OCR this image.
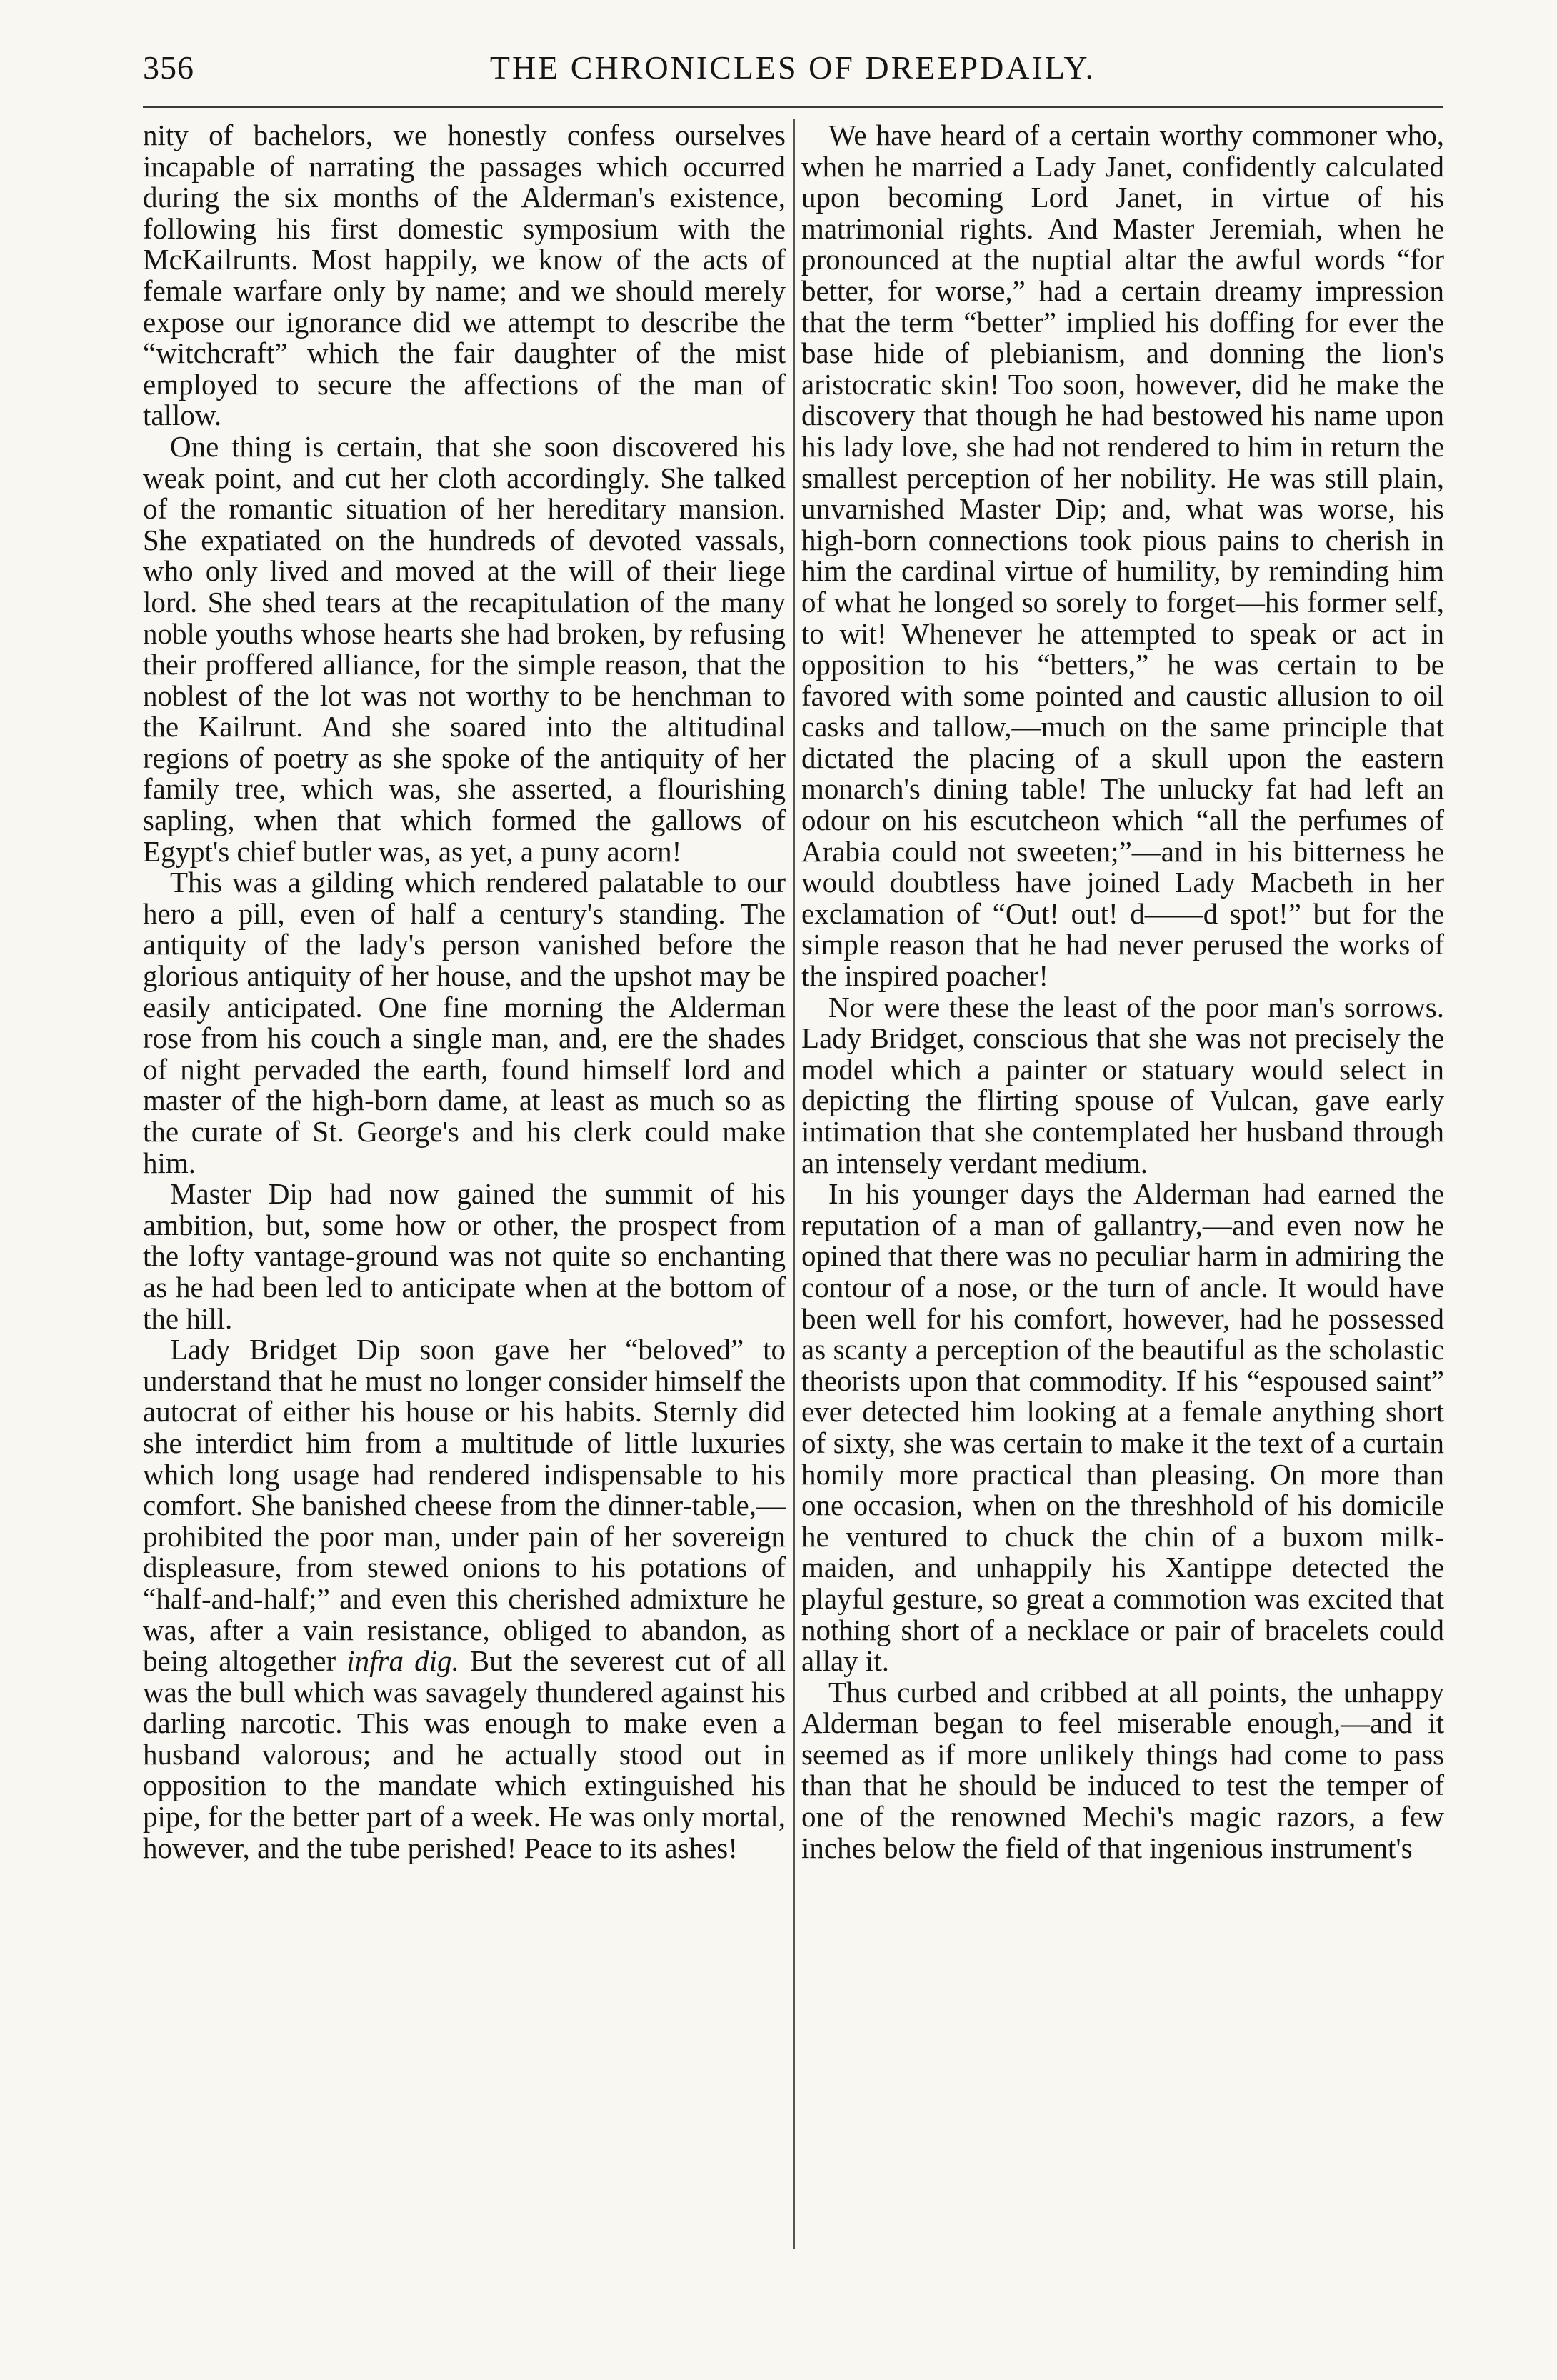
356	THE CHRONICLES OF DREEPDAILY.

nity of bachelors, we honestly confess ourselves incapable of narrating the passages which occurred during the six months of the Alderman's existence, following his first domestic symposium with the McKailrunts. Most happily, we know of the acts of female warfare only by name; and we should merely expose our ignorance did we attempt to describe the “witchcraft” which the fair daughter of the mist employed to secure the affections of the man of tallow.

One thing is certain, that she soon discovered his weak point, and cut her cloth accordingly. She talked of the romantic situation of her hereditary mansion. She expatiated on the hundreds of devoted vassals, who only lived and moved at the will of their liege lord. She shed tears at the recapitulation of the many noble youths whose hearts she had broken, by refusing their proffered alliance, for the simple reason, that the noblest of the lot was not worthy to be henchman to the Kailrunt. And she soared into the altitudinal regions of poetry as she spoke of the antiquity of her family tree, which was, she asserted, a flourishing sapling, when that which formed the gallows of Egypt's chief butler was, as yet, a puny acorn!

This was a gilding which rendered palatable to our hero a pill, even of half a century's standing. The antiquity of the lady's person vanished before the glorious antiquity of her house, and the upshot may be easily anticipated. One fine morning the Alderman rose from his couch a single man, and, ere the shades of night pervaded the earth, found himself lord and master of the high-born dame, at least as much so as the curate of St. George's and his clerk could make him.

Master Dip had now gained the summit of his ambition, but, some how or other, the prospect from the lofty vantage-ground was not quite so enchanting as he had been led to anticipate when at the bottom of the hill.

Lady Bridget Dip soon gave her “beloved” to understand that he must no longer consider himself the autocrat of either his house or his habits. Sternly did she interdict him from a multitude of little luxuries which long usage had rendered indispensable to his comfort. She banished cheese from the dinner-table,—prohibited the poor man, under pain of her sovereign displeasure, from stewed onions to his potations of “half-and-half;” and even this cherished admixture he was, after a vain resistance, obliged to abandon, as being altogether infra dig. But the severest cut of all was the bull which was savagely thundered against his darling narcotic. This was enough to make even a husband valorous; and he actually stood out in opposition to the mandate which extinguished his pipe, for the better part of a week. He was only mortal, however, and the tube perished! Peace to its ashes!

We have heard of a certain worthy commoner who, when he married a Lady Janet, confidently calculated upon becoming Lord Janet, in virtue of his matrimonial rights. And Master Jeremiah, when he pronounced at the nuptial altar the awful words “for better, for worse,” had a certain dreamy impression that the term “better” implied his doffing for ever the base hide of plebianism, and donning the lion's aristocratic skin! Too soon, however, did he make the discovery that though he had bestowed his name upon his lady love, she had not rendered to him in return the smallest perception of her nobility. He was still plain, unvarnished Master Dip; and, what was worse, his high-born connections took pious pains to cherish in him the cardinal virtue of humility, by reminding him of what he longed so sorely to forget—his former self, to wit! Whenever he attempted to speak or act in opposition to his “betters,” he was certain to be favored with some pointed and caustic allusion to oil casks and tallow,—much on the same principle that dictated the placing of a skull upon the eastern monarch's dining table! The unlucky fat had left an odour on his escutcheon which “all the perfumes of Arabia could not sweeten;”—and in his bitterness he would doubtless have joined Lady Macbeth in her exclamation of “Out! out! d——d spot!” but for the simple reason that he had never perused the works of the inspired poacher!

Nor were these the least of the poor man's sorrows. Lady Bridget, conscious that she was not precisely the model which a painter or statuary would select in depicting the flirting spouse of Vulcan, gave early intimation that she contemplated her husband through an intensely verdant medium.

In his younger days the Alderman had earned the reputation of a man of gallantry,—and even now he opined that there was no peculiar harm in admiring the contour of a nose, or the turn of ancle. It would have been well for his comfort, however, had he possessed as scanty a perception of the beautiful as the scholastic theorists upon that commodity. If his “espoused saint” ever detected him looking at a female anything short of sixty, she was certain to make it the text of a curtain homily more practical than pleasing. On more than one occasion, when on the threshhold of his domicile he ventured to chuck the chin of a buxom milk-maiden, and unhappily his Xantippe detected the playful gesture, so great a commotion was excited that nothing short of a necklace or pair of bracelets could allay it.

Thus curbed and cribbed at all points, the unhappy Alderman began to feel miserable enough,—and it seemed as if more unlikely things had come to pass than that he should be induced to test the temper of one of the renowned Mechi's magic razors, a few inches below the field of that ingenious instrument's
